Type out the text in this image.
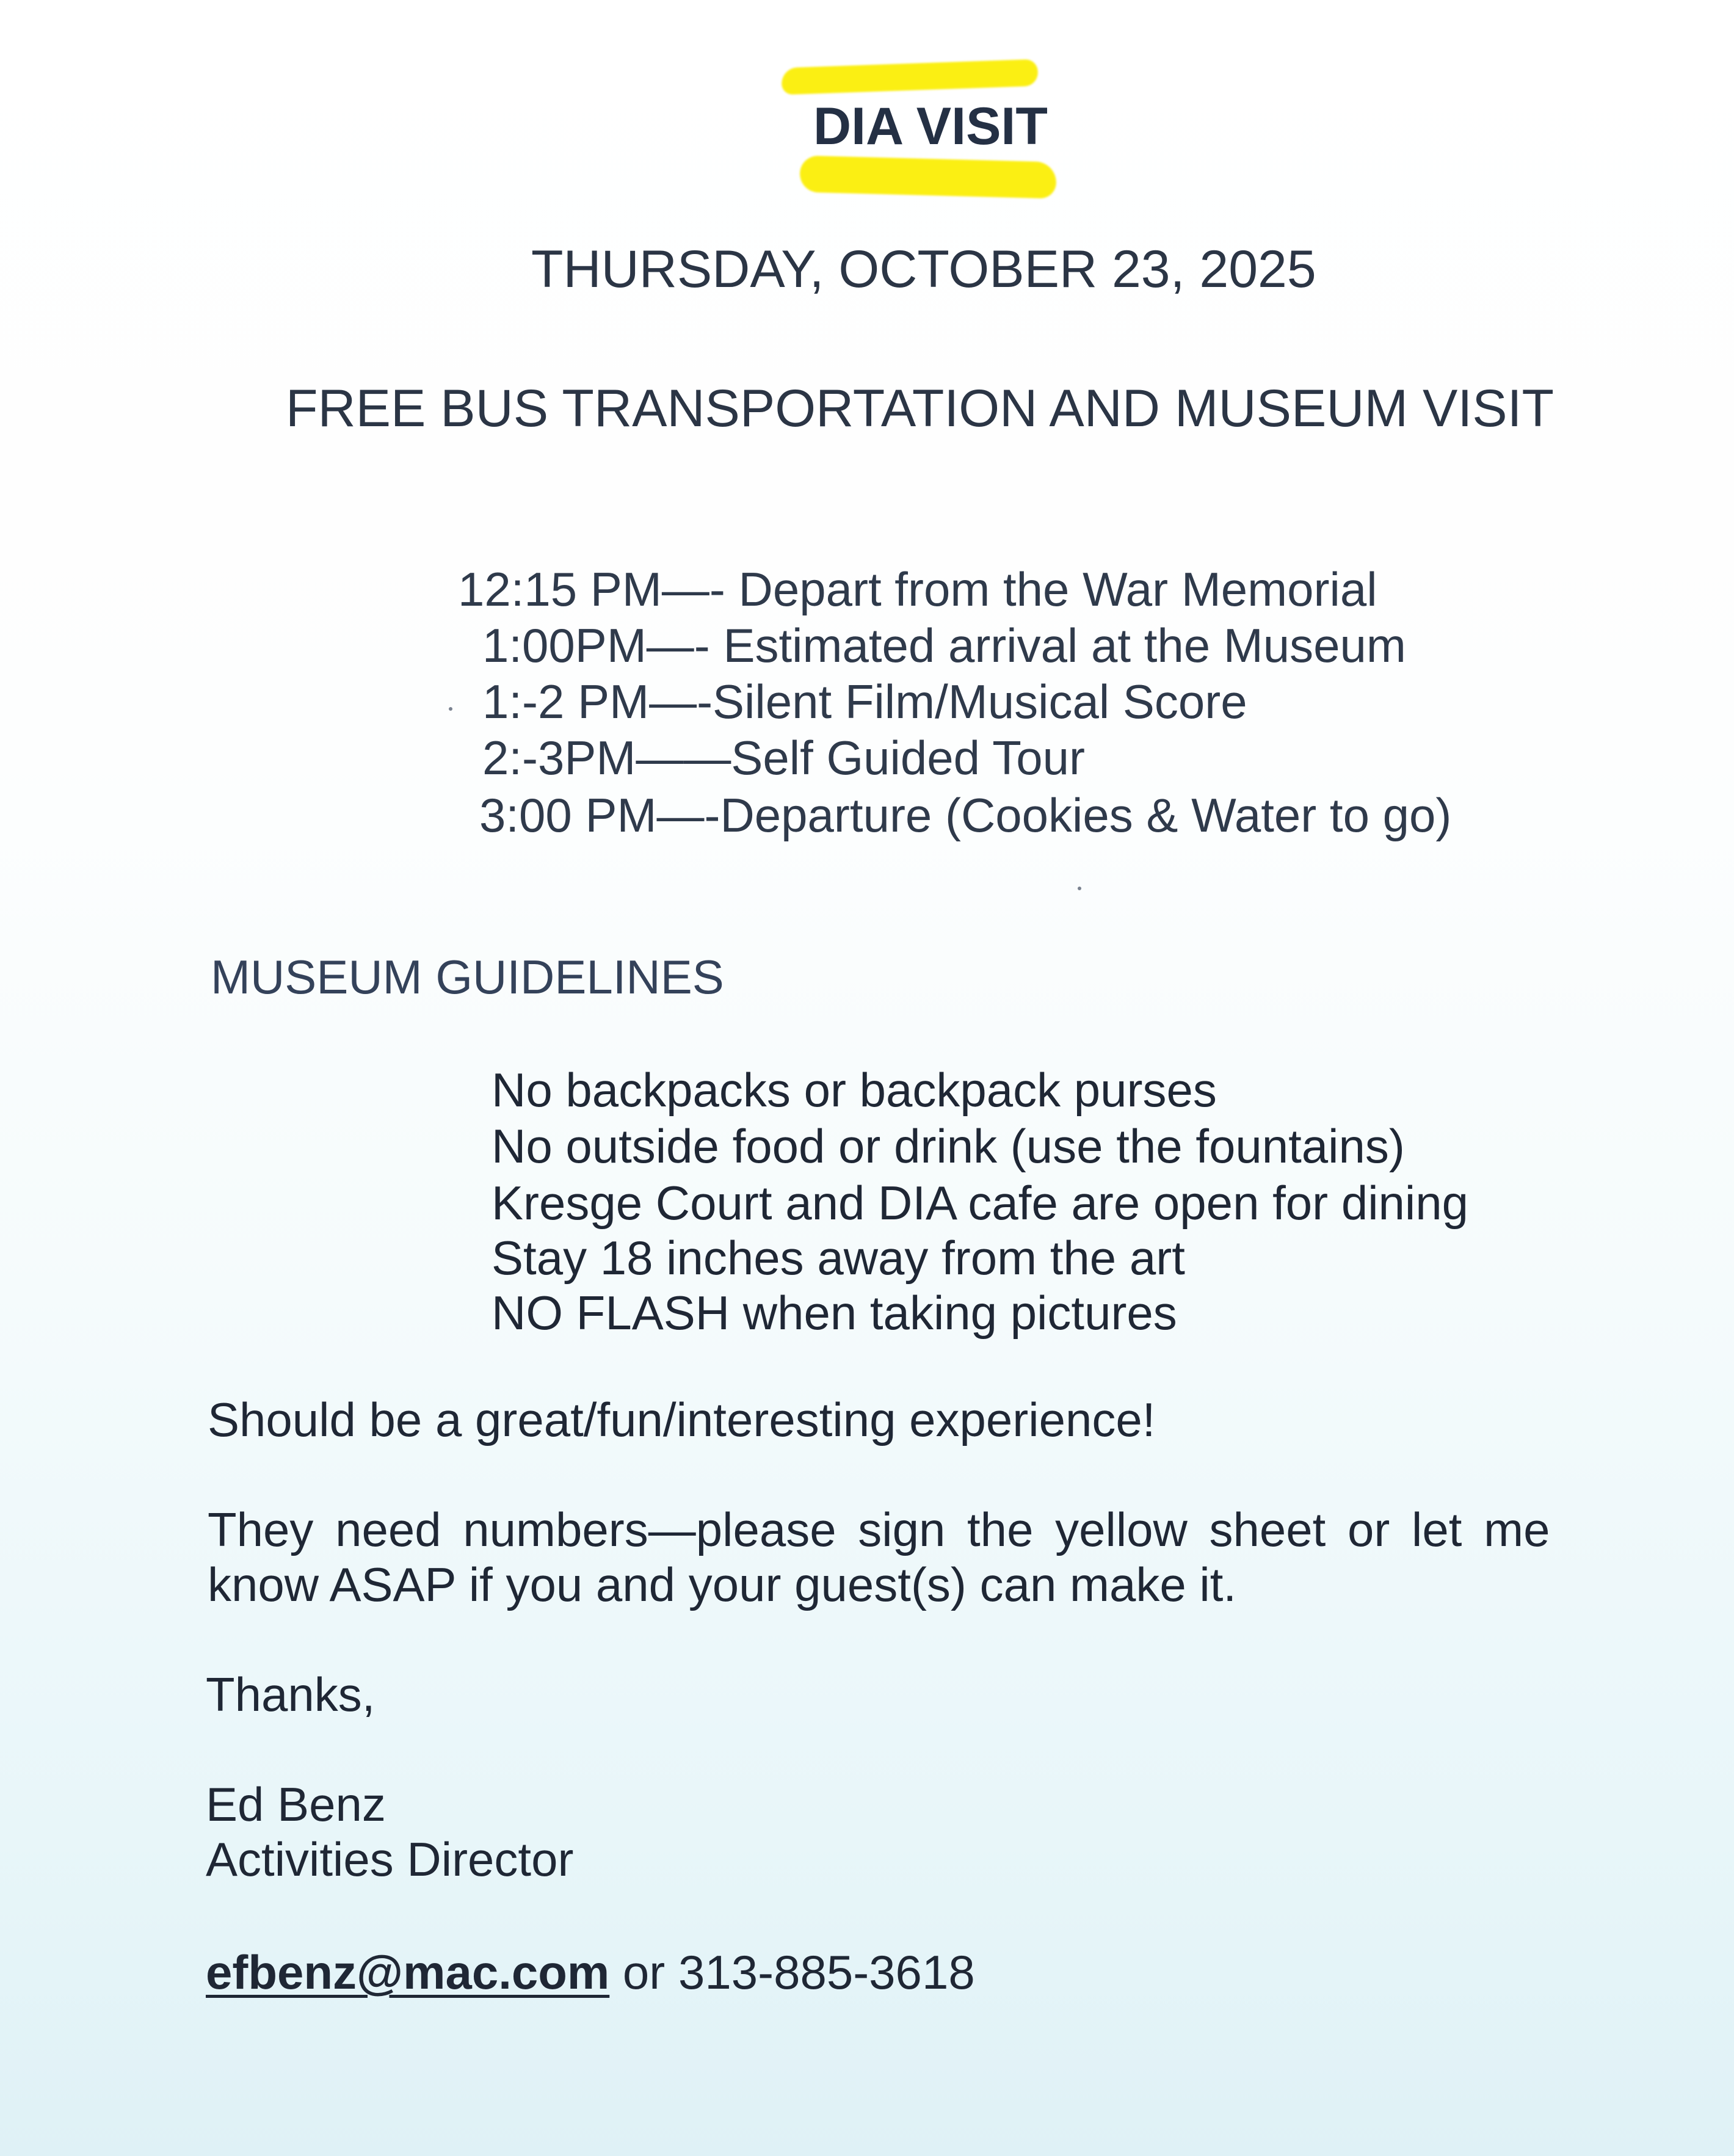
DIA VISIT
THURSDAY, OCTOBER 23, 2025
FREE BUS TRANSPORTATION AND MUSEUM VISIT
12:15 PM—- Depart from the War Memorial
1:00PM—- Estimated arrival at the Museum
1:-2 PM—-Silent Film/Musical Score
2:-3PM——Self Guided Tour
3:00 PM—-Departure (Cookies & Water to go)
MUSEUM GUIDELINES
No backpacks or backpack purses
No outside food or drink (use the fountains)
Kresge Court and DIA cafe are open for dining
Stay 18 inches away from the art
NO FLASH when taking pictures
Should be a great/fun/interesting experience!
They need numbers—please sign the yellow sheet or let me
know ASAP if you and your guest(s) can make it.
Thanks,
Ed Benz
Activities Director
efbenz@mac.com or 313-885-3618
